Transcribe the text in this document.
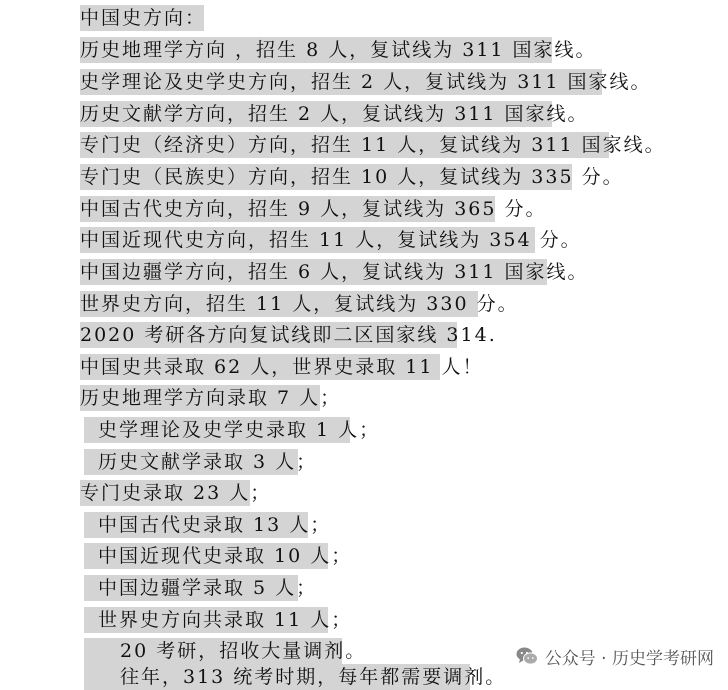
中国史方向：
历史地理学方向 ，招生 8 人，复试线为 311 国家线。
史学理论及史学史方向，招生 2 人，复试线为 311 国家线。
历史文献学方向，招生 2 人，复试线为 311 国家线。
专门史（经济史）方向，招生 11 人，复试线为 311 国家线。
专门史（民族史）方向，招生 10 人，复试线为 335 分。
中国古代史方向，招生 9 人，复试线为 365 分。
中国近现代史方向，招生 11 人，复试线为 354 分。
中国边疆学方向，招生 6 人，复试线为 311 国家线。
世界史方向，招生 11 人，复试线为 330 分。
2020 考研各方向复试线即二区国家线 314.
中国史共录取 62 人，世界史录取 11 人！
历史地理学方向录取 7 人；
史学理论及史学史录取 1 人；
历史文献学录取 3 人；
专门史录取 23 人；
中国古代史录取 13 人；
中国近现代史录取 10 人；
中国边疆学录取 5 人；
世界史方向共录取 11 人；
20 考研，招收大量调剂。
往年，313 统考时期，每年都需要调剂。
公众号 · 历史学考研网
